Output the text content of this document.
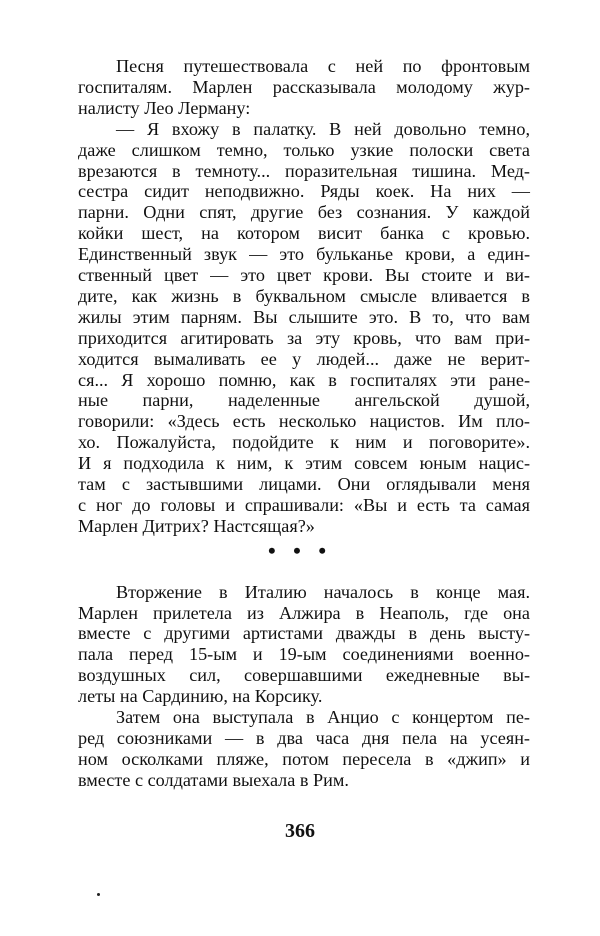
Песня путешествовала с ней по фронтовым
госпиталям. Марлен рассказывала молодому жур-
налисту Лео Лерману:
— Я вхожу в палатку. В ней довольно темно,
даже слишком темно, только узкие полоски света
врезаются в темноту... поразительная тишина. Мед-
сестра сидит неподвижно. Ряды коек. На них —
парни. Одни спят, другие без сознания. У каждой
койки шест, на котором висит банка с кровью.
Единственный звук — это бульканье крови, а един-
ственный цвет — это цвет крови. Вы стоите и ви-
дите, как жизнь в буквальном смысле вливается в
жилы этим парням. Вы слышите это. В то, что вам
приходится агитировать за эту кровь, что вам при-
ходится вымаливать ее у людей... даже не верит-
ся... Я хорошо помню, как в госпиталях эти ране-
ные парни, наделенные ангельской душой,
говорили: «Здесь есть несколько нацистов. Им пло-
хо. Пожалуйста, подойдите к ним и поговорите».
И я подходила к ним, к этим совсем юным нацис-
там с застывшими лицами. Они оглядывали меня
с ног до головы и спрашивали: «Вы и есть та самая
Марлен Дитрих? Настсящая?»
• • •
Вторжение в Италию началось в конце мая.
Марлен прилетела из Алжира в Неаполь, где она
вместе с другими артистами дважды в день высту-
пала перед 15-ым и 19-ым соединениями военно-
воздушных сил, совершавшими ежедневные вы-
леты на Сардинию, на Корсику.
Затем она выступала в Анцио с концертом пе-
ред союзниками — в два часа дня пела на усеян-
ном осколками пляже, потом пересела в «джип» и
вместе с солдатами выехала в Рим.
366
